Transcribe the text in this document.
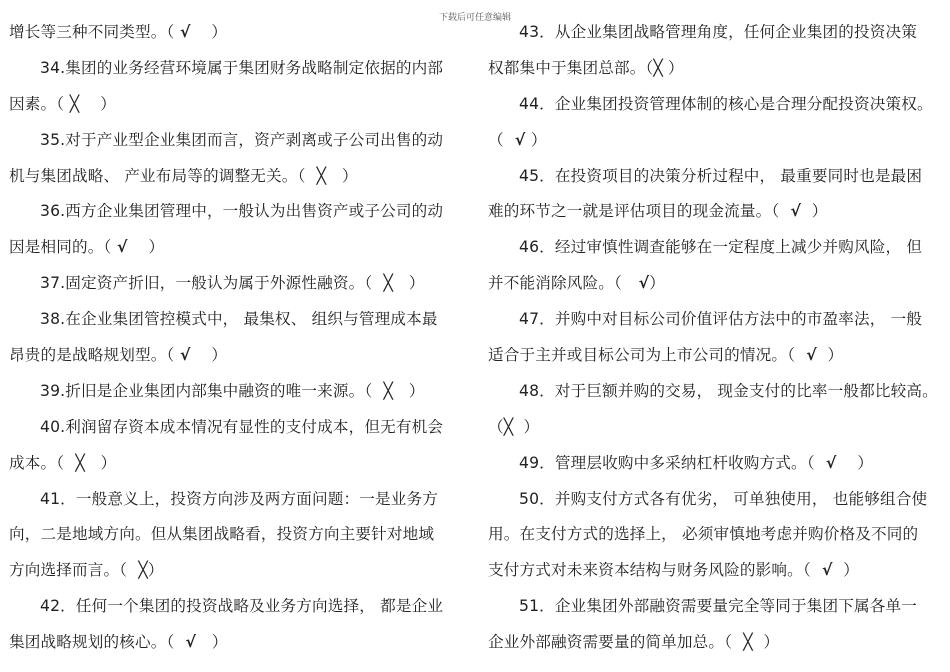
下载后可任意编辑
增长等三种不同类型。（ √    ）
34.集团的业务经营环境属于集团财务战略制定依据的内部
因素。（ ╳    ）
35.对于产业型企业集团而言，资产剥离或子公司出售的动
机与集团战略、 产业布局等的调整无关。（  ╳   ）
36.西方企业集团管理中，一般认为出售资产或子公司的动
因是相同的。（ √    ）
37.固定资产折旧，一般认为属于外源性融资。（  ╳   ）
38.在企业集团管控模式中， 最集权、 组织与管理成本最
昂贵的是战略规划型。（ √    ）
39.折旧是企业集团内部集中融资的唯一来源。（  ╳   ）
40.利润留存资本成本情况有显性的支付成本，但无有机会
成本。（  ╳   ）
41．一般意义上，投资方向涉及两方面问题：一是业务方
向，二是地域方向。但从集团战略看，投资方向主要针对地域
方向选择而言。（  ╳）
42．任何一个集团的投资战略及业务方向选择， 都是企业
集团战略规划的核心。（  √   ）
43．从企业集团战略管理角度，任何企业集团的投资决策
权都集中于集团总部。（╳ ）
44．企业集团投资管理体制的核心是合理分配投资决策权。
（  √ ）
45．在投资项目的决策分析过程中， 最重要同时也是最困
难的环节之一就是评估项目的现金流量。（  √  ）
46．经过审慎性调查能够在一定程度上减少并购风险， 但
并不能消除风险。（   √）
47．并购中对目标公司价值评估方法中的市盈率法， 一般
适合于主并或目标公司为上市公司的情况。（  √  ）
48．对于巨额并购的交易， 现金支付的比率一般都比较高。
（╳  ）
49．管理层收购中多采纳杠杆收购方式。（  √    ）
50．并购支付方式各有优劣， 可单独使用， 也能够组合使
用。在支付方式的选择上， 必须审慎地考虑并购价格及不同的
支付方式对未来资本结构与财务风险的影响。（  √  ）
51．企业集团外部融资需要量完全等同于集团下属各单一
企业外部融资需要量的简单加总。（  ╳  ）
